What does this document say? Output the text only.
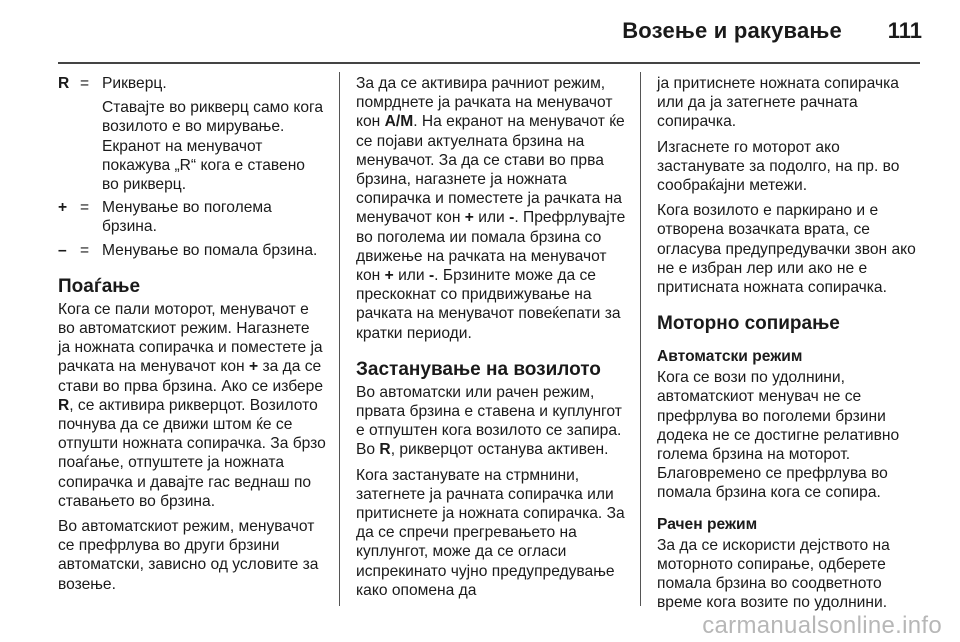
Возење и ракување 111
R = Рикверц.
Ставајте во рикверц само кога возилото е во мирување. Екранот на менувачот покажува „R“ кога е ставено во рикверц.
+ = Менување во поголема брзина.
– = Менување во помала брзина.
Поаѓање

Кога се пали моторот, менувачот е во автоматскиот режим. Нагазнете ја ножната сопирачка и поместете ја рачката на менувачот кон + за да се стави во прва брзина. Ако се избере R, се активира рикверцот. Возилото почнува да се движи штом ќе се отпушти ножната сопирачка. За брзо поаѓање, отпуштете ја ножната сопирачка и давајте гас веднаш по ставањето во брзина.

Во автоматскиот режим, менувачот се префрлува во други брзини автоматски, зависно од условите за возење.

За да се активира рачниот режим, помрднете ја рачката на менувачот кон A/M. На екранот на менувачот ќе се појави актуелната брзина на менувачот. За да се стави во прва брзина, нагазнете ја ножната сопирачка и поместете ја рачката на менувачот кон + или -. Префрлувајте во поголема ии помала брзина со движење на рачката на менувачот кон + или -. Брзините може да се прескокнат со придвижување на рачката на менувачот повеќепати за кратки периоди.

Застанување на возилото

Во автоматски или рачен режим, првата брзина е ставена и куплунгот е отпуштен кога возилото се запира. Во R, рикверцот останува активен.

Кога застанувате на стрмнини, затегнете ја рачната сопирачка или притиснете ја ножната сопирачка. За да се спречи прегревањето на куплунгот, може да се огласи испрекинато чујно предупредување како опомена да

ја притиснете ножната сопирачка или да ја затегнете рачната сопирачка.

Изгаснете го моторот ако застанувате за подолго, на пр. во сообраќајни метежи.

Кога возилото е паркирано и е отворена возачката врата, се огласува предупредувачки звон ако не е избран лер или ако не е притисната ножната сопирачка.

Моторно сопирање
Автоматски режим

Кога се вози по удолнини, автоматскиот менувач не се префрлува во поголеми брзини додека не се достигне релативно голема брзина на моторот. Благовремено се префрлува во помала брзина кога се сопира.

Рачен режим

За да се искористи дејството на моторното сопирање, одберете помала брзина во соодветното време кога возите по удолнини.

carmanualsonline.info
